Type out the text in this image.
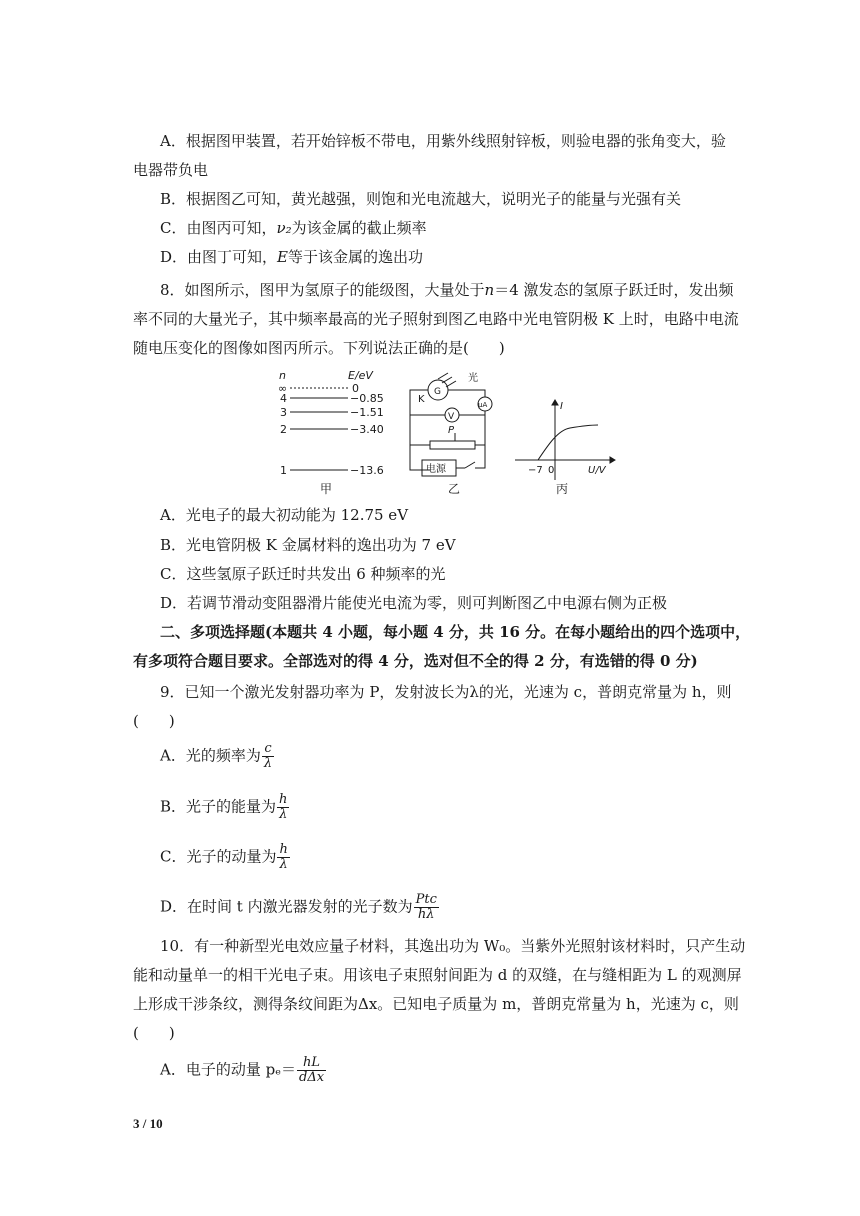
A．根据图甲装置，若开始锌板不带电，用紫外线照射锌板，则验电器的张角变大，验
电器带负电
B．根据图乙可知，黄光越强，则饱和光电流越大，说明光子的能量与光强有关
C．由图丙可知，ν₂为该金属的截止频率
D．由图丁可知，E等于该金属的逸出功
8．如图所示，图甲为氢原子的能级图，大量处于n＝4 激发态的氢原子跃迁时，发出频
率不同的大量光子，其中频率最高的光子照射到图乙电路中光电管阴极 K 上时，电路中电流
随电压变化的图像如图丙所示。下列说法正确的是(　　)
n	E/eV
∞	0
4	−0.85
3	−1.51
2	−3.40
1	−13.6
甲
光
G
K	μA
V
P
电源
乙
I
U/V
−7 0
丙
A．光电子的最大初动能为 12.75 eV
B．光电管阴极 K 金属材料的逸出功为 7 eV
C．这些氢原子跃迁时共发出 6 种频率的光
D．若调节滑动变阻器滑片能使光电流为零，则可判断图乙中电源右侧为正极
二、多项选择题(本题共 4 小题，每小题 4 分，共 16 分。在每小题给出的四个选项中，
有多项符合题目要求。全部选对的得 4 分，选对但不全的得 2 分，有选错的得 0 分)
9．已知一个激光发射器功率为 P，发射波长为λ的光，光速为 c，普朗克常量为 h，则
(　　)
A．光的频率为 $\frac{c}{\lambda}$
B．光子的能量为 $\frac{h}{\lambda}$
C．光子的动量为 $\frac{h}{\lambda}$
D．在时间 t 内激光器发射的光子数为 $\frac{\text{Ptc}}{h\lambda}$
10．有一种新型光电效应量子材料，其逸出功为 W₀。当紫外光照射该材料时，只产生动
能和动量单一的相干光电子束。用该电子束照射间距为 d 的双缝，在与缝相距为 L 的观测屏
上形成干涉条纹，测得条纹间距为Δx。已知电子质量为 m，普朗克常量为 h，光速为 c，则
(　　)
A．电子的动量 $p_e= \frac{hL}{\text{dΔx}}$
3 / 10
